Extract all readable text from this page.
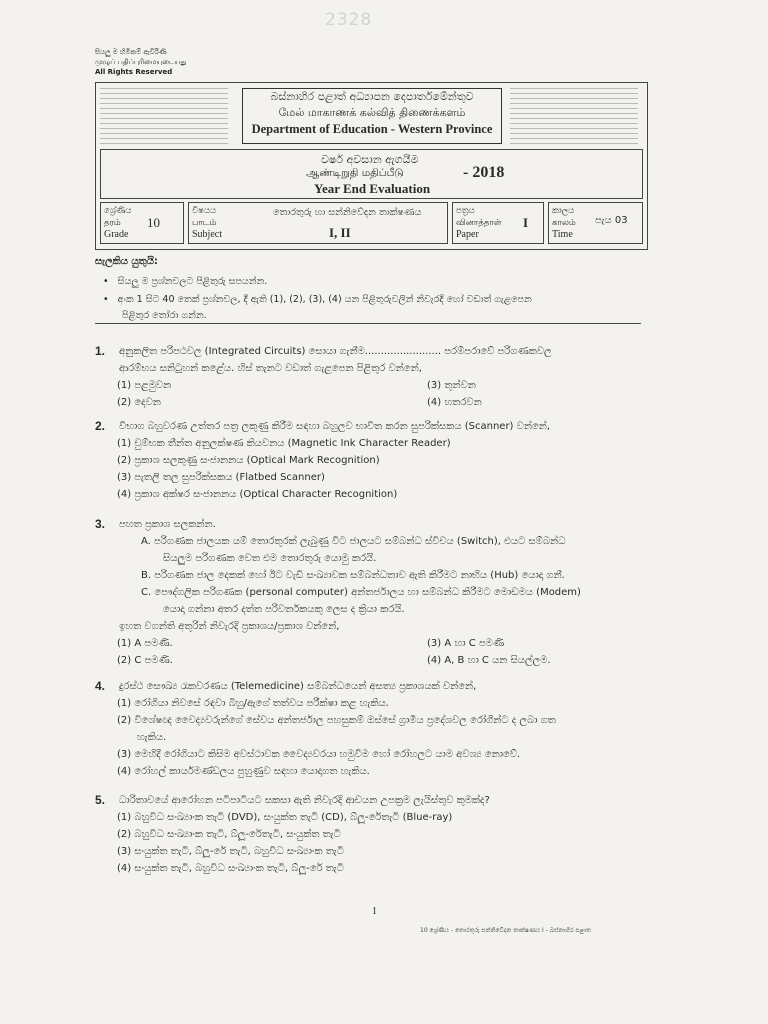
සියලු ම හිමිකම් ඇවිරිණි
முழுப் பதிப்புரிமையுடையது
All Rights Reserved
2328
බස්නාහිර පළාත් අධ්‍යාපන දෙපාර්තමේන්තුව
மேல் மாகாணக் கல்வித் திணைக்களம்
Department of Education - Western Province
වර්ෂ අවසාන ඇගයීම
ஆண்டிறுதி மதிப்பீடு
Year End Evaluation
- 2018
ශ්‍රේණිය
தரம்
Grade
10
විෂයය
பாடம்
Subject
තොරතුරු හා සන්නිවේදන තාක්ෂණය
I, II
පත්‍රය
வினாத்தாள்
Paper
I
කාලය
காலம்
Time
පැය 03
සැලකිය යුතුයි:
•   සියලු ම ප්‍රශ්නවලට පිළිතුරු සපයන්න.
•   අංක 1 සිට 40 තෙක් ප්‍රශ්නවල, දී ඇති (1), (2), (3), (4) යන පිළිතුරුවලින් නිවැරදි හෝ වඩාත් ගැළපෙන
පිළිතුර තෝරා ගන්න.
1. අනුකලිත පරිපථවල (Integrated Circuits) සොයා ගැනීම........................ පරම්පරාවේ පරිගණකවල
ආරම්භය සනිටුහන් කළේය. හිස් තැනට වඩාත් ගැළපෙන පිළිතුර වන්නේ,
(1) පළමුවන	(3) තුන්වන
(2) දෙවන	(4) හතරවන
2. විභාග බහුවරණ උත්තර පත්‍ර ලකුණු කිරීම සඳහා බහුලව භාවිත කරන සුපරික්සකය (Scanner) වන්නේ,
(1) චුම්භක තීන්ත අනුලක්ෂණ කියවනය (Magnetic Ink Character Reader)
(2) ප්‍රකාශ සලකුණු සංජානනය (Optical Mark Recognition)
(3) පැතලි තල සුපරික්සකය (Flatbed Scanner)
(4) ප්‍රකාශ අක්ෂර සංජානනය (Optical Character Recognition)
3. පහත ප්‍රකාශ සලකන්න.
A. පරිගණක ජාලයක යම් තොරතුරක් ලැබුණු විට ජාලයට සම්බන්ධ ස්විචය (Switch), එයට සම්බන්ධ
සියලුම පරිගණක වෙත එම තොරතුරු යොමු කරයි.
B. පරිගණක ජාල දෙකක් හෝ ඊට වැඩි සංඛ්‍යාවක සම්බන්ධතාව ඇති කිරීමට නාභිය (Hub) යොදා ගනී.
C. පෞද්ගලික පරිගණක (personal computer) අන්තර්ජාලය හා සම්බන්ධ කිරීමට මොඩමය (Modem)
යොදා ගන්නා අතර දත්ත පරිවර්තකයකු ලෙස ද ක්‍රියා කරයි.
ඉහත වගන්ති අතුරින් නිවැරදි ප්‍රකාශය/ප්‍රකාශ වන්නේ,
(1) A පමණි.	(3) A හා C පමණි
(2) C පමණි.	(4) A, B හා C යන සියල්ලම.
4. දුරස්ථ සෞඛ්‍ය රැකවරණය (Telemedicine) සම්බන්ධයෙන් අසත්‍ය ප්‍රකාශයක් වන්නේ,
(1) රෝගියා නිවසේ රඳවා බිහු/ඇගේ තත්වය පරීක්ෂා කළ හැකිය.
(2) විශේෂඥ වෛද්‍යවරුන්ගේ සේවය අන්තර්ජාල පහසුකම් ඔස්සේ ග්‍රාමීය ප්‍රදේශවල රෝගීන්ට ද ලබා ගත
හැකිය.
(3) මෙහිදී රෝගියාට කිසිම අවස්ථාවක වෛද්‍යවරයා හමුවීම හෝ රෝහලට යාම අවශ්‍ය නොවේ.
(4) රෝහල් කාර්යමණ්ඩලය පුහුණුව සඳහා යොදාගත හැකිය.
5. ධාරිතාවයේ ආරෝහන පටිපාටියට සකසා ඇති නිවැරදි ආචයන උපක්‍රම ලැයිස්තුව කුමක්ද?
(1) බහුවිධ සංඛ්‍යාංක තැටි (DVD), සංයුක්ත තැටි (CD), බ්ලූ-රේතැටි (Blue-ray)
(2) බහුවිධ සංඛ්‍යාංක තැටි, බ්ලූ-රේතැටි, සංයුක්ත තැටි
(3) සංයුක්ත තැටි, බ්ලූ-රේ තැටි, බහුවිධ සංඛ්‍යාංක තැටි
(4) සංයුක්ත තැටි, බහුවිධ සංඛ්‍යාංක තැටි, බ්ලූ-රේ තැටි
1
10 ශ්‍රේණිය - තොරතුරු සන්නිවේදන තාක්ෂණය I - බස්නාහිර පළාත
